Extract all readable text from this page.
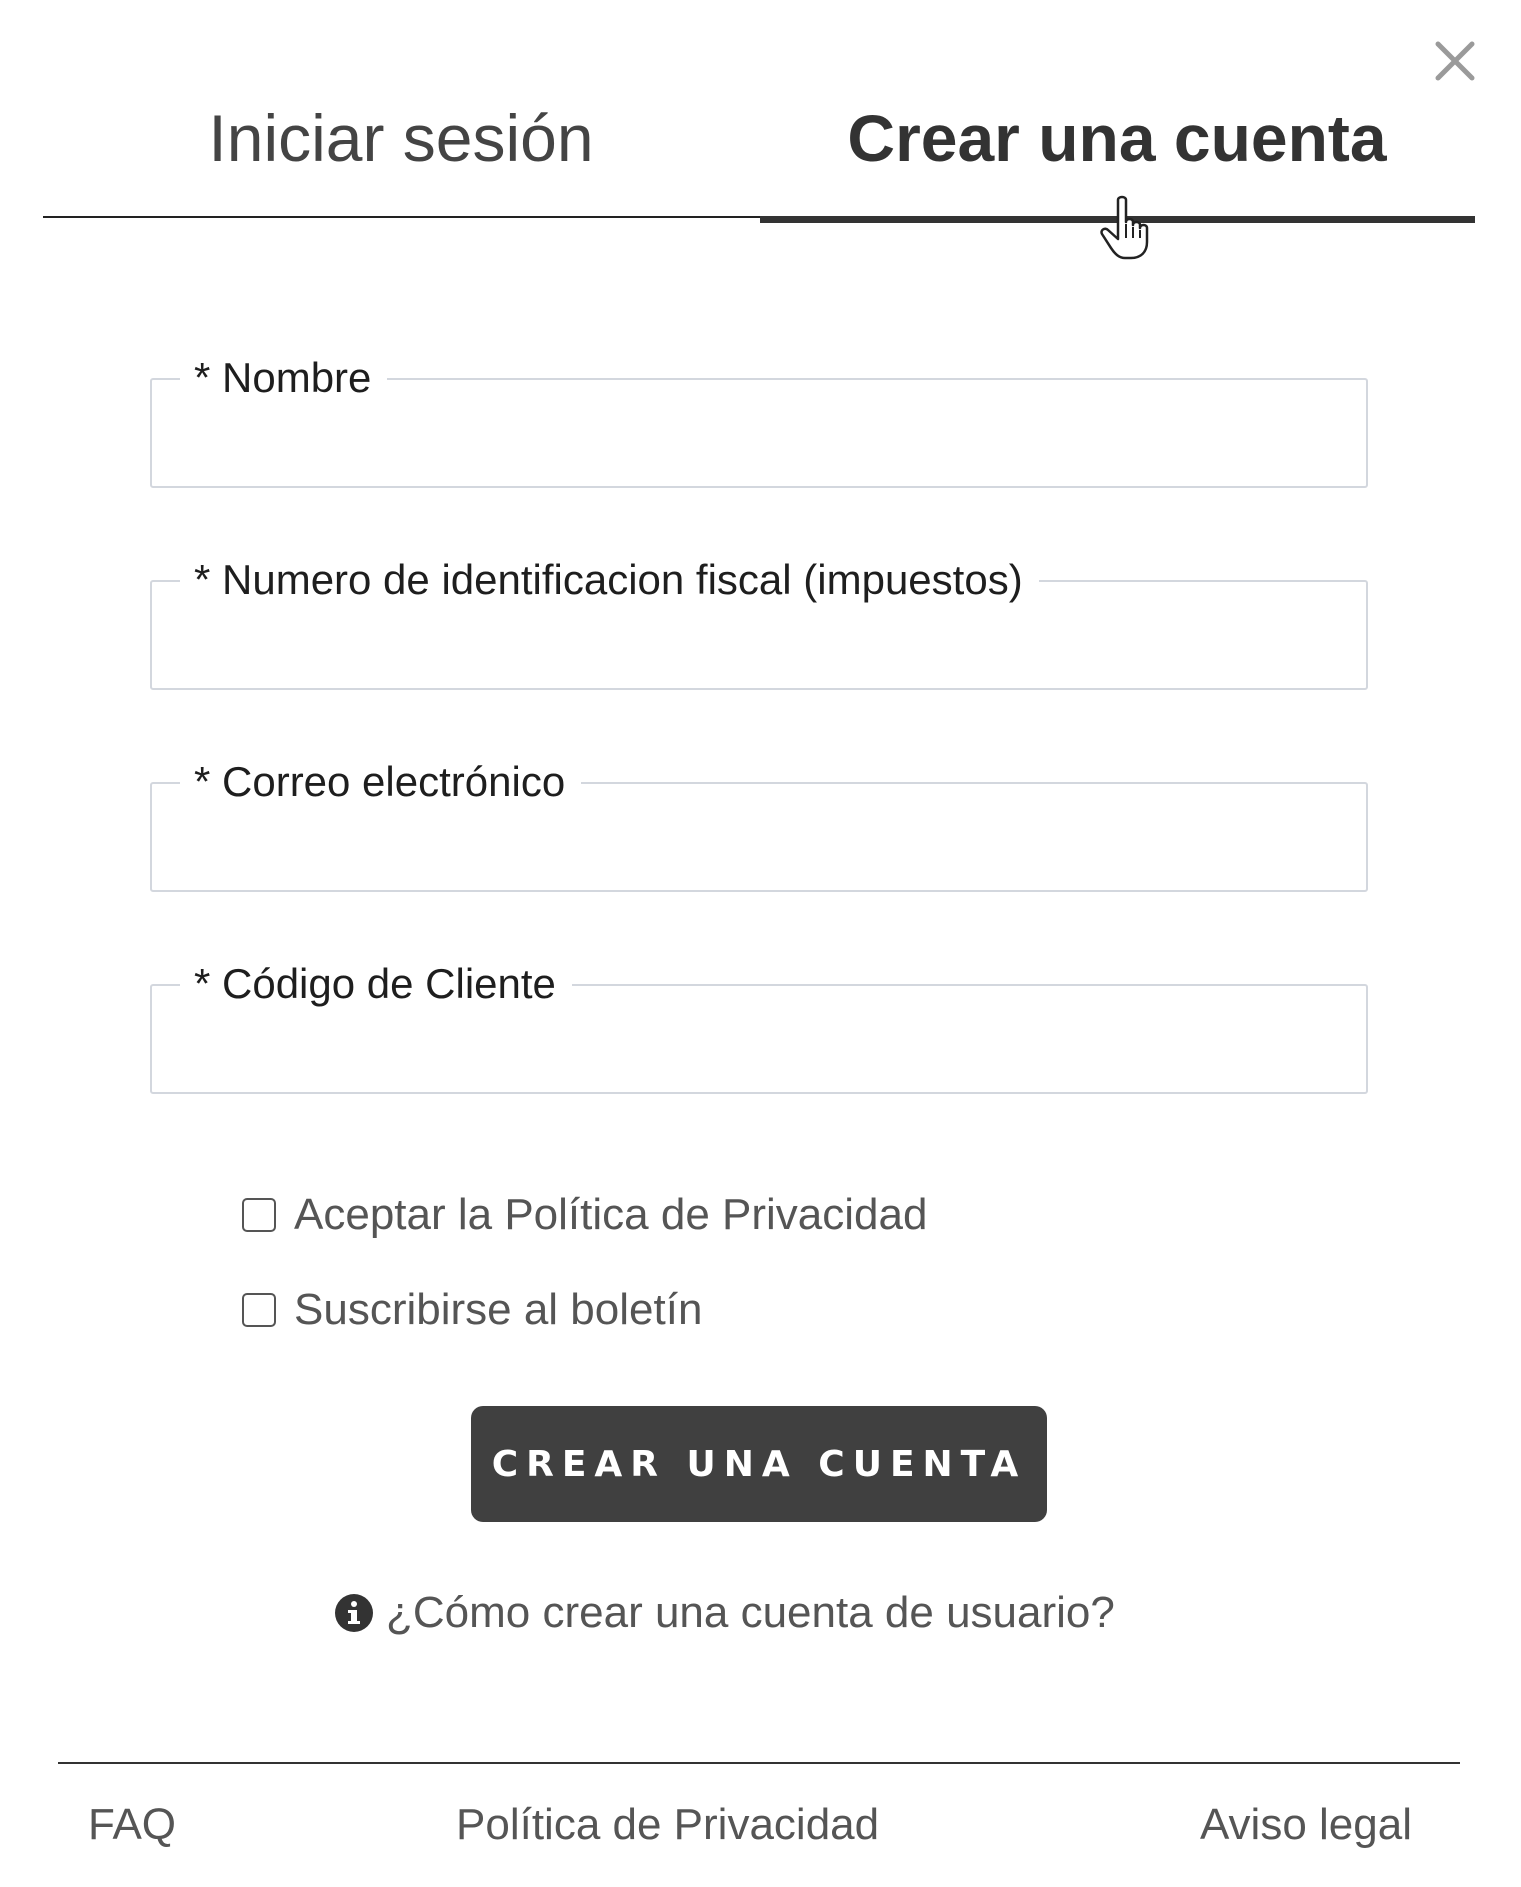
Iniciar sesión	Crear una cuenta
* Nombre
* Numero de identificacion fiscal (impuestos)
* Correo electrónico
* Código de Cliente
Aceptar la Política de Privacidad
Suscribirse al boletín
CREAR UNA CUENTA
¿Cómo crear una cuenta de usuario?
FAQ	Política de Privacidad	Aviso legal
